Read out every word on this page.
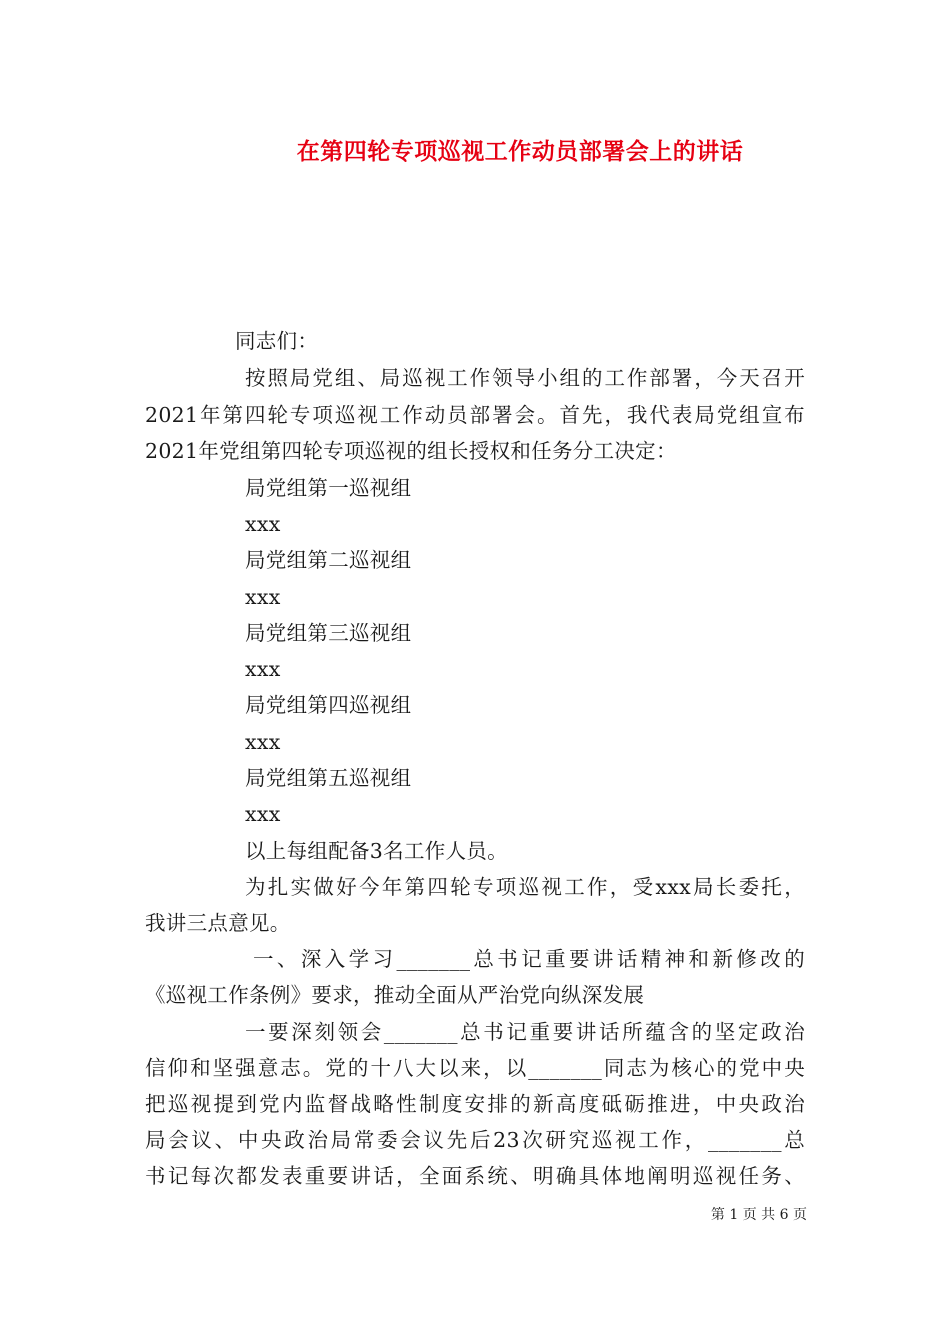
在第四轮专项巡视工作动员部署会上的讲话
同志们：
按照局党组、局巡视工作领导小组的工作部署，今天召开
2021年第四轮专项巡视工作动员部署会。首先，我代表局党组宣布
2021年党组第四轮专项巡视的组长授权和任务分工决定：
局党组第一巡视组
xxx
局党组第二巡视组
xxx
局党组第三巡视组
xxx
局党组第四巡视组
xxx
局党组第五巡视组
xxx
以上每组配备3名工作人员。
为扎实做好今年第四轮专项巡视工作，受xxx局长委托，
我讲三点意见。
一、深入学习_______总书记重要讲话精神和新修改的
《巡视工作条例》要求，推动全面从严治党向纵深发展
一要深刻领会_______总书记重要讲话所蕴含的坚定政治
信仰和坚强意志。党的十八大以来，以_______同志为核心的党中央
把巡视提到党内监督战略性制度安排的新高度砥砺推进，中央政治
局会议、中央政治局常委会议先后23次研究巡视工作，_______总
书记每次都发表重要讲话，全面系统、明确具体地阐明巡视任务、
第 1 页 共 6 页
